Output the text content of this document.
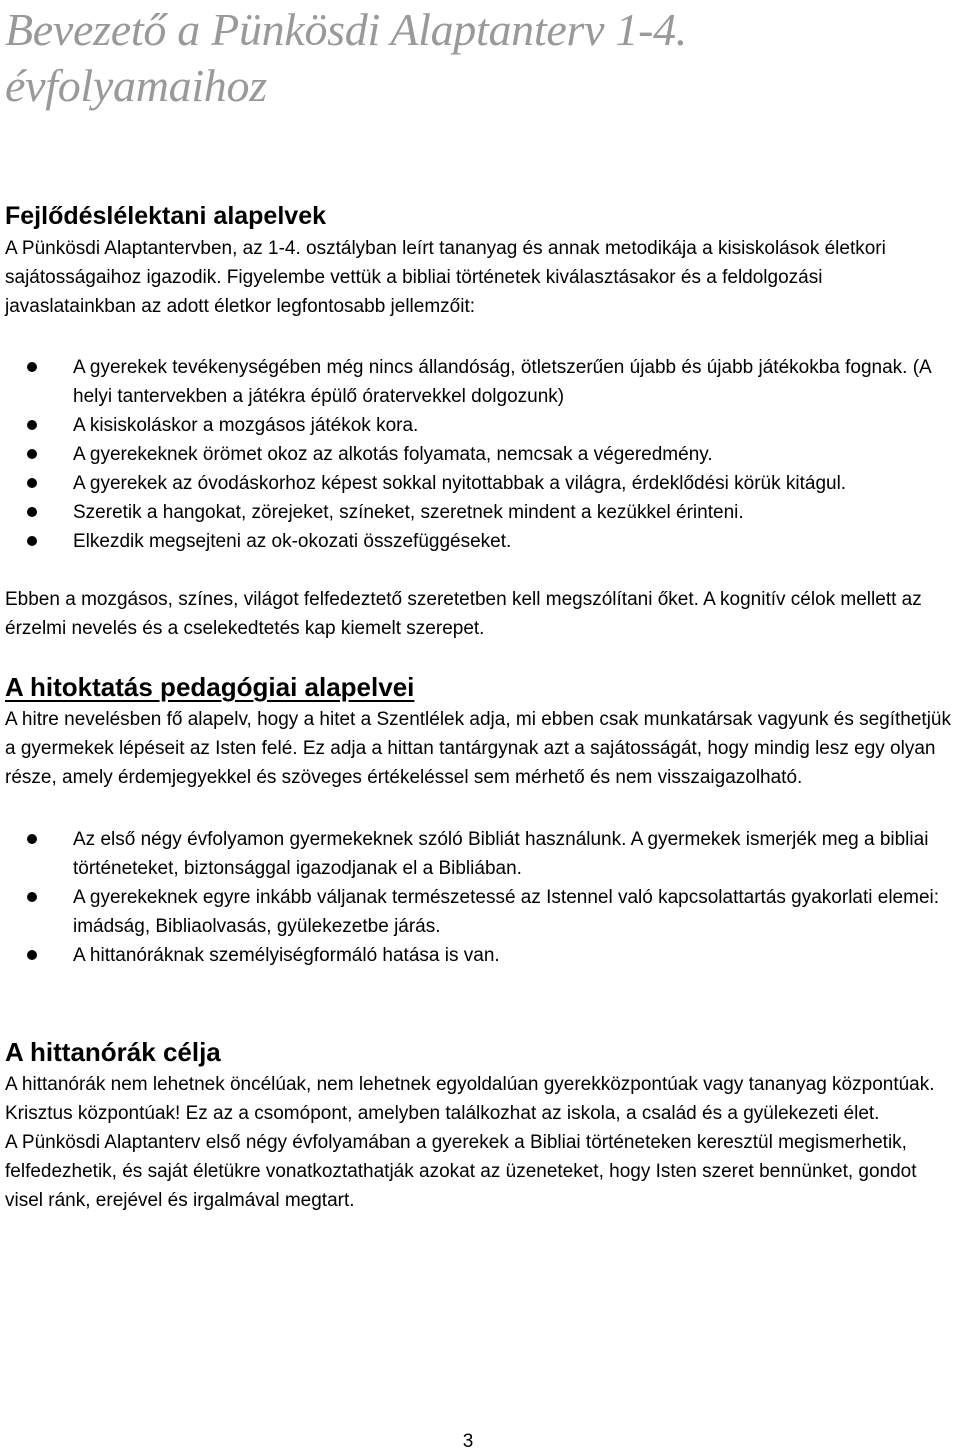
Bevezető a Pünkösdi Alaptanterv 1-4.
évfolyamaihoz
Fejlődéslélektani alapelvek

A Pünkösdi Alaptantervben, az 1-4. osztályban leírt tananyag és annak metodikája a kisiskolások életkori sajátosságaihoz igazodik. Figyelembe vettük a bibliai történetek kiválasztásakor és a feldolgozási javaslatainkban az adott életkor legfontosabb jellemzőit:

A gyerekek tevékenységében még nincs állandóság, ötletszerűen újabb és újabb játékokba fognak. (A helyi tantervekben a játékra épülő óratervekkel dolgozunk)
A kisiskoláskor a mozgásos játékok kora.
A gyerekeknek örömet okoz az alkotás folyamata, nemcsak a végeredmény.
A gyerekek az óvodáskorhoz képest sokkal nyitottabbak a világra, érdeklődési körük kitágul.
Szeretik a hangokat, zörejeket, színeket, szeretnek mindent a kezükkel érinteni.
Elkezdik megsejteni az ok-okozati összefüggéseket.

Ebben a mozgásos, színes, világot felfedeztető szeretetben kell megszólítani őket. A kognitív célok mellett az érzelmi nevelés és a cselekedtetés kap kiemelt szerepet.

A hitoktatás pedagógiai alapelvei

A hitre nevelésben fő alapelv, hogy a hitet a Szentlélek adja, mi ebben csak munkatársak vagyunk és segíthetjük a gyermekek lépéseit az Isten felé. Ez adja a hittan tantárgynak azt a sajátosságát, hogy mindig lesz egy olyan része, amely érdemjegyekkel és szöveges értékeléssel sem mérhető és nem visszaigazolható.

Az első négy évfolyamon gyermekeknek szóló Bibliát használunk. A gyermekek ismerjék meg a bibliai történeteket, biztonsággal igazodjanak el a Bibliában.
A gyerekeknek egyre inkább váljanak természetessé az Istennel való kapcsolattartás gyakorlati elemei: imádság, Bibliaolvasás, gyülekezetbe járás.
A hittanóráknak személyiségformáló hatása is van.
A hittanórák célja

A hittanórák nem lehetnek öncélúak, nem lehetnek egyoldalúan gyerekközpontúak vagy tananyag központúak. Krisztus központúak! Ez az a csomópont, amelyben találkozhat az iskola, a család és a gyülekezeti élet.

A Pünkösdi Alaptanterv első négy évfolyamában a gyerekek a Bibliai történeteken keresztül megismerhetik, felfedezhetik, és saját életükre vonatkoztathatják azokat az üzeneteket, hogy Isten szeret bennünket, gondot visel ránk, erejével és irgalmával megtart.

3
